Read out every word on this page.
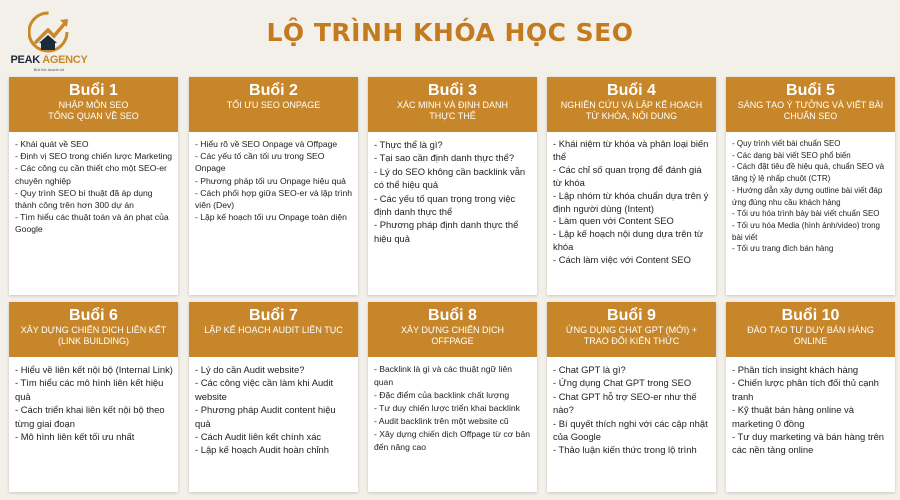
PEAK AGENCY
Bứt tốc doanh số
LỘ TRÌNH KHÓA HỌC SEO
Buổi 1
NHẬP MÔN SEO
TỔNG QUAN VỀ SEO
- Khái quát về SEO
- Định vị SEO trong chiến lược Marketing
- Các công cụ cần thiết cho một SEO-er chuyên nghiệp
- Quy trình SEO bí thuật đã áp dụng thành công trên hơn 300 dự án
- Tìm hiểu các thuật toán và án phạt của Google
Buổi 2
TỐI ƯU SEO ONPAGE
- Hiểu rõ về SEO Onpage và Offpage
- Các yếu tố cần tối ưu trong SEO Onpage
- Phương pháp tối ưu Onpage hiệu quả
- Cách phối hợp giữa SEO-er và lập trình viên (Dev)
- Lập kế hoạch tối ưu Onpage toàn diện
Buổi 3
XÁC MINH VÀ ĐỊNH DANH
THỰC THỂ
- Thực thể là gì?
- Tại sao cần định danh thực thể?
- Lý do SEO không cần backlink vẫn có thể hiệu quả
- Các yếu tố quan trọng trong việc định danh thực thể
- Phương pháp định danh thực thể hiệu quả
Buổi 4
NGHIÊN CỨU VÀ LẬP KẾ HOẠCH
TỪ KHÓA, NỘI DUNG
- Khái niệm từ khóa và phân loại biến thể
- Các chỉ số quan trọng để đánh giá từ khóa
- Lập nhóm từ khóa chuẩn dựa trên ý định người dùng (Intent)
- Làm quen với Content SEO
- Lập kế hoạch nội dung dựa trên từ khóa
- Cách làm việc với Content SEO
Buổi 5
SÁNG TẠO Ý TƯỞNG VÀ VIẾT BÀI
CHUẨN SEO
- Quy trình viết bài chuẩn SEO
- Các dạng bài viết SEO phổ biến
- Cách đặt tiêu đề hiệu quả, chuẩn SEO và tăng tỷ lệ nhấp chuột (CTR)
- Hướng dẫn xây dựng outline bài viết đáp ứng đúng nhu cầu khách hàng
- Tối ưu hóa trình bày bài viết chuẩn SEO
- Tối ưu hóa Media (hình ảnh/video) trong bài viết
- Tối ưu trang đích bán hàng
Buổi 6
XÂY DỰNG CHIẾN DỊCH LIÊN KẾT
(LINK BUILDING)
- Hiểu về liên kết nội bộ (Internal Link)
- Tìm hiểu các mô hình liên kết hiệu quả
- Cách triển khai liên kết nội bộ theo từng giai đoạn
- Mô hình liên kết tối ưu nhất
Buổi 7
LẬP KẾ HOẠCH AUDIT LIÊN TỤC
- Lý do cần Audit website?
- Các công việc cần làm khi Audit website
- Phương pháp Audit content hiệu quả
- Cách Audit liên kết chính xác
- Lập kế hoạch Audit hoàn chỉnh
Buổi 8
XÂY DỰNG CHIẾN DỊCH
OFFPAGE
- Backlink là gì và các thuật ngữ liên quan
- Đặc điểm của backlink chất lượng
- Tư duy chiến lược triển khai backlink
- Audit backlink trên một website cũ
- Xây dựng chiến dịch Offpage từ cơ bản đến nâng cao
Buổi 9
ỨNG DỤNG CHAT GPT (MỚI) +
TRAO ĐỔI KIẾN THỨC
- Chat GPT là gì?
- Ứng dụng Chat GPT trong SEO
- Chat GPT hỗ trợ SEO-er như thế nào?
- Bí quyết thích nghi với các cập nhật của Google
- Thảo luận kiến thức trong lộ trình
Buổi 10
ĐÀO TẠO TƯ DUY BÁN HÀNG
ONLINE
- Phân tích insight khách hàng
- Chiến lược phân tích đối thủ cạnh tranh
- Kỹ thuật bán hàng online và marketing 0 đồng
- Tư duy marketing và bán hàng trên các nền tảng online
